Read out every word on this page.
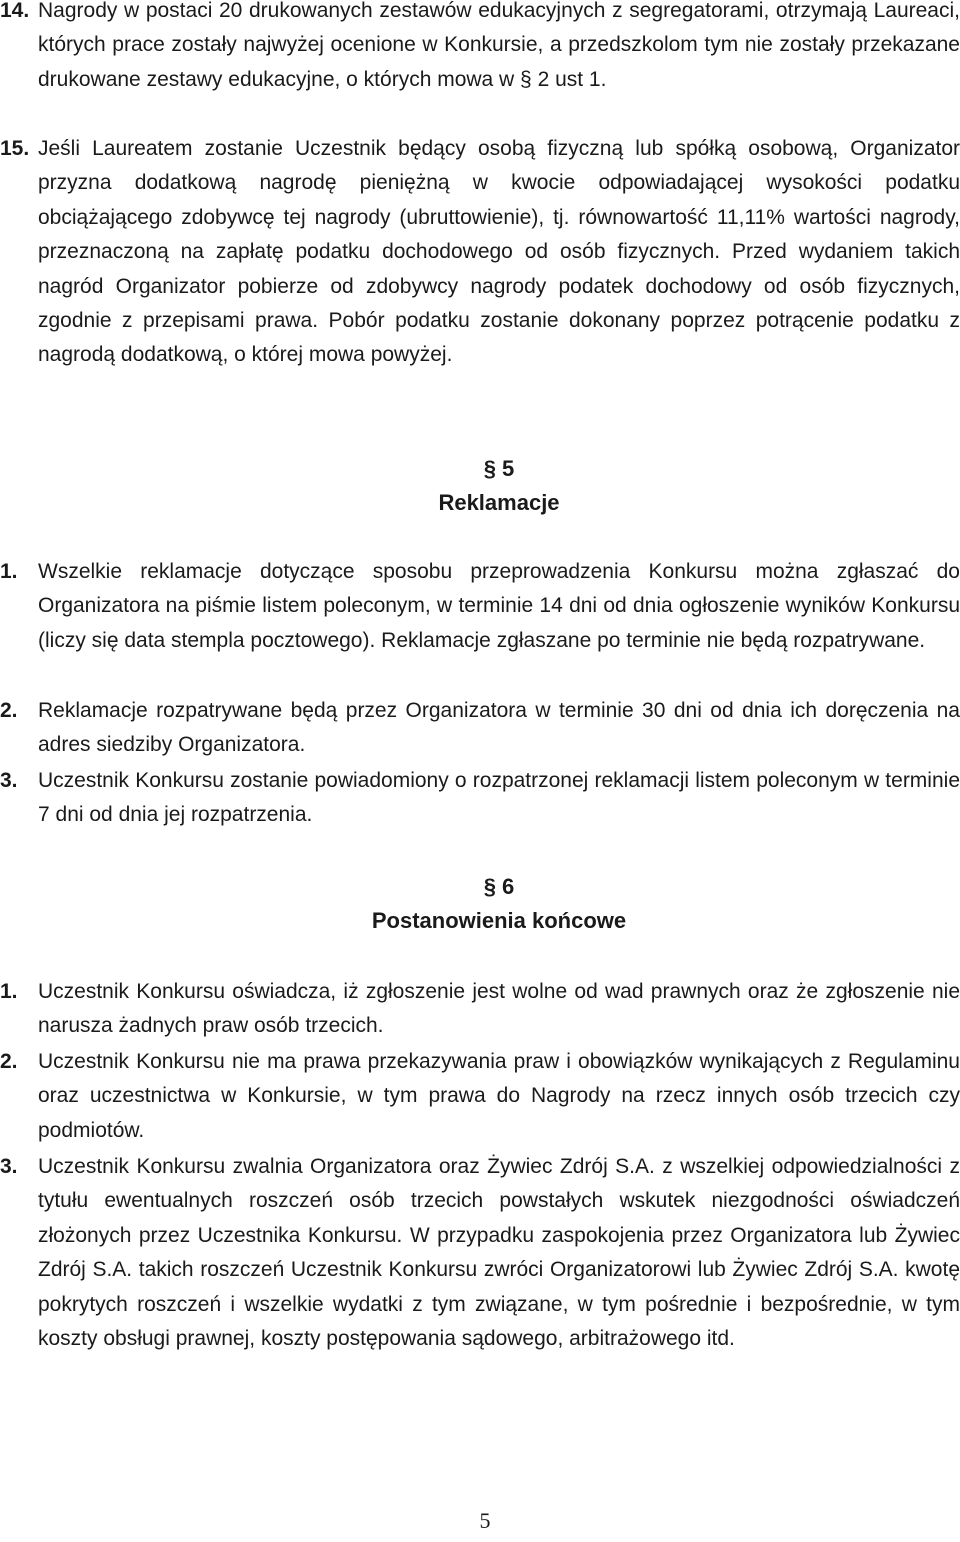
14. Nagrody w postaci 20 drukowanych zestawów edukacyjnych z segregatorami, otrzymają Laureaci, których prace zostały najwyżej ocenione w Konkursie, a przedszkolom tym nie zostały przekazane drukowane zestawy edukacyjne, o których mowa w § 2 ust 1.
15. Jeśli Laureatem zostanie Uczestnik będący osobą fizyczną lub spółką osobową, Organizator przyzna dodatkową nagrodę pieniężną w kwocie odpowiadającej wysokości podatku obciążającego zdobywcę tej nagrody (ubruttowienie), tj. równowartość 11,11% wartości nagrody, przeznaczoną na zapłatę podatku dochodowego od osób fizycznych. Przed wydaniem takich nagród Organizator pobierze od zdobywcy nagrody podatek dochodowy od osób fizycznych, zgodnie z przepisami prawa. Pobór podatku zostanie dokonany poprzez potrącenie podatku z nagrodą dodatkową, o której mowa powyżej.
§ 5
Reklamacje
1. Wszelkie reklamacje dotyczące sposobu przeprowadzenia Konkursu można zgłaszać do Organizatora na piśmie listem poleconym, w terminie 14 dni od dnia ogłoszenie wyników Konkursu (liczy się data stempla pocztowego). Reklamacje zgłaszane po terminie nie będą rozpatrywane.
2. Reklamacje rozpatrywane będą przez Organizatora w terminie 30 dni od dnia ich doręczenia na adres siedziby Organizatora.
3. Uczestnik Konkursu zostanie powiadomiony o rozpatrzonej reklamacji listem poleconym w terminie 7 dni od dnia jej rozpatrzenia.
§ 6
Postanowienia końcowe
1. Uczestnik Konkursu oświadcza, iż zgłoszenie jest wolne od wad prawnych oraz że zgłoszenie nie narusza żadnych praw osób trzecich.
2. Uczestnik Konkursu nie ma prawa przekazywania praw i obowiązków wynikających z Regulaminu oraz uczestnictwa w Konkursie, w tym prawa do Nagrody na rzecz innych osób trzecich czy podmiotów.
3. Uczestnik Konkursu zwalnia Organizatora oraz Żywiec Zdrój S.A. z wszelkiej odpowiedzialności z tytułu ewentualnych roszczeń osób trzecich powstałych wskutek niezgodności oświadczeń złożonych przez Uczestnika Konkursu. W przypadku zaspokojenia przez Organizatora lub Żywiec Zdrój S.A. takich roszczeń Uczestnik Konkursu zwróci Organizatorowi lub Żywiec Zdrój S.A. kwotę pokrytych roszczeń i wszelkie wydatki z tym związane, w tym pośrednie i bezpośrednie, w tym koszty obsługi prawnej, koszty postępowania sądowego, arbitrażowego itd.
5
